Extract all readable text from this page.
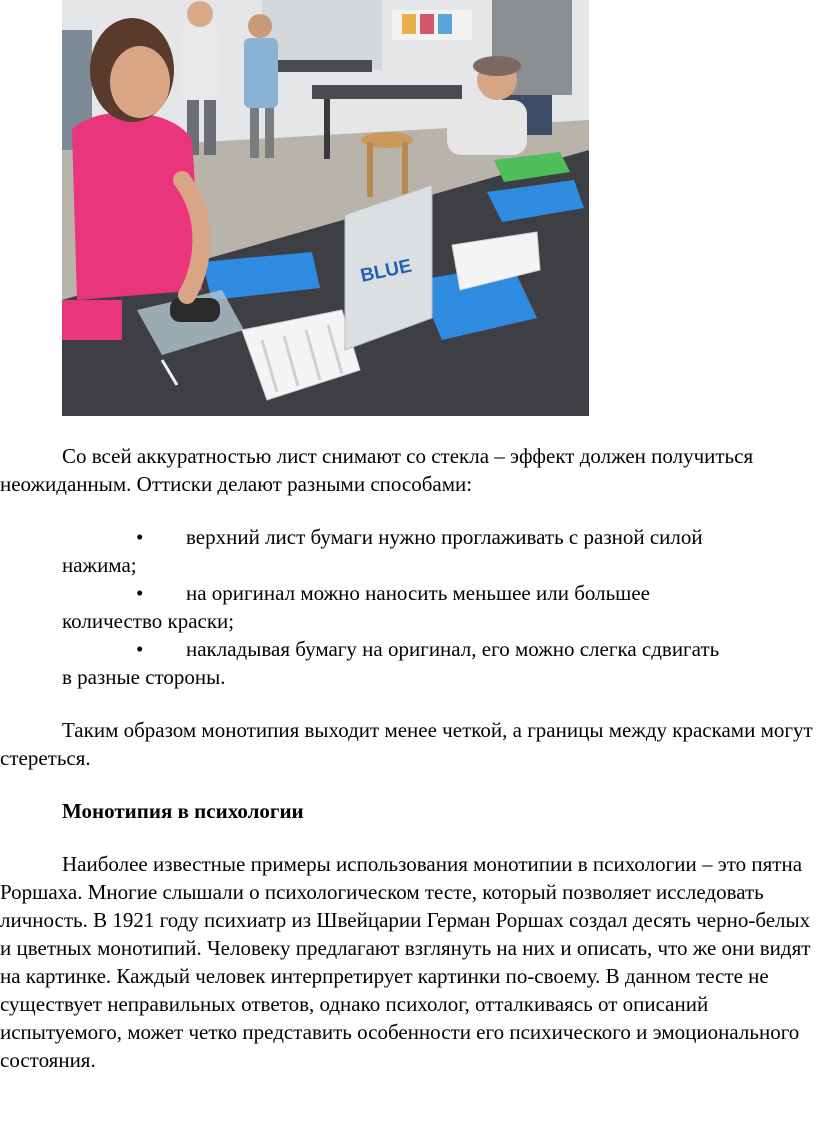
BLUE

Со всей аккуратностью лист снимают со стекла – эффект должен получиться неожиданным. Оттиски делают разными способами:

• верхний лист бумаги нужно проглаживать с разной силой
нажима;
• на оригинал можно наносить меньшее или большее
количество краски;
• накладывая бумагу на оригинал, его можно слегка сдвигать
в разные стороны.

Таким образом монотипия выходит менее четкой, а границы между красками могут стереться.

Монотипия в психологии

Наиболее известные примеры использования монотипии в психологии – это пятна Роршаха. Многие слышали о психологическом тесте, который позволяет исследовать личность. В 1921 году психиатр из Швейцарии Герман Роршах создал десять черно-белых и цветных монотипий. Человеку предлагают взглянуть на них и описать, что же они видят на картинке. Каждый человек интерпретирует картинки по-своему. В данном тесте не существует неправильных ответов, однако психолог, отталкиваясь от описаний испытуемого, может четко представить особенности его психического и эмоционального состояния.
